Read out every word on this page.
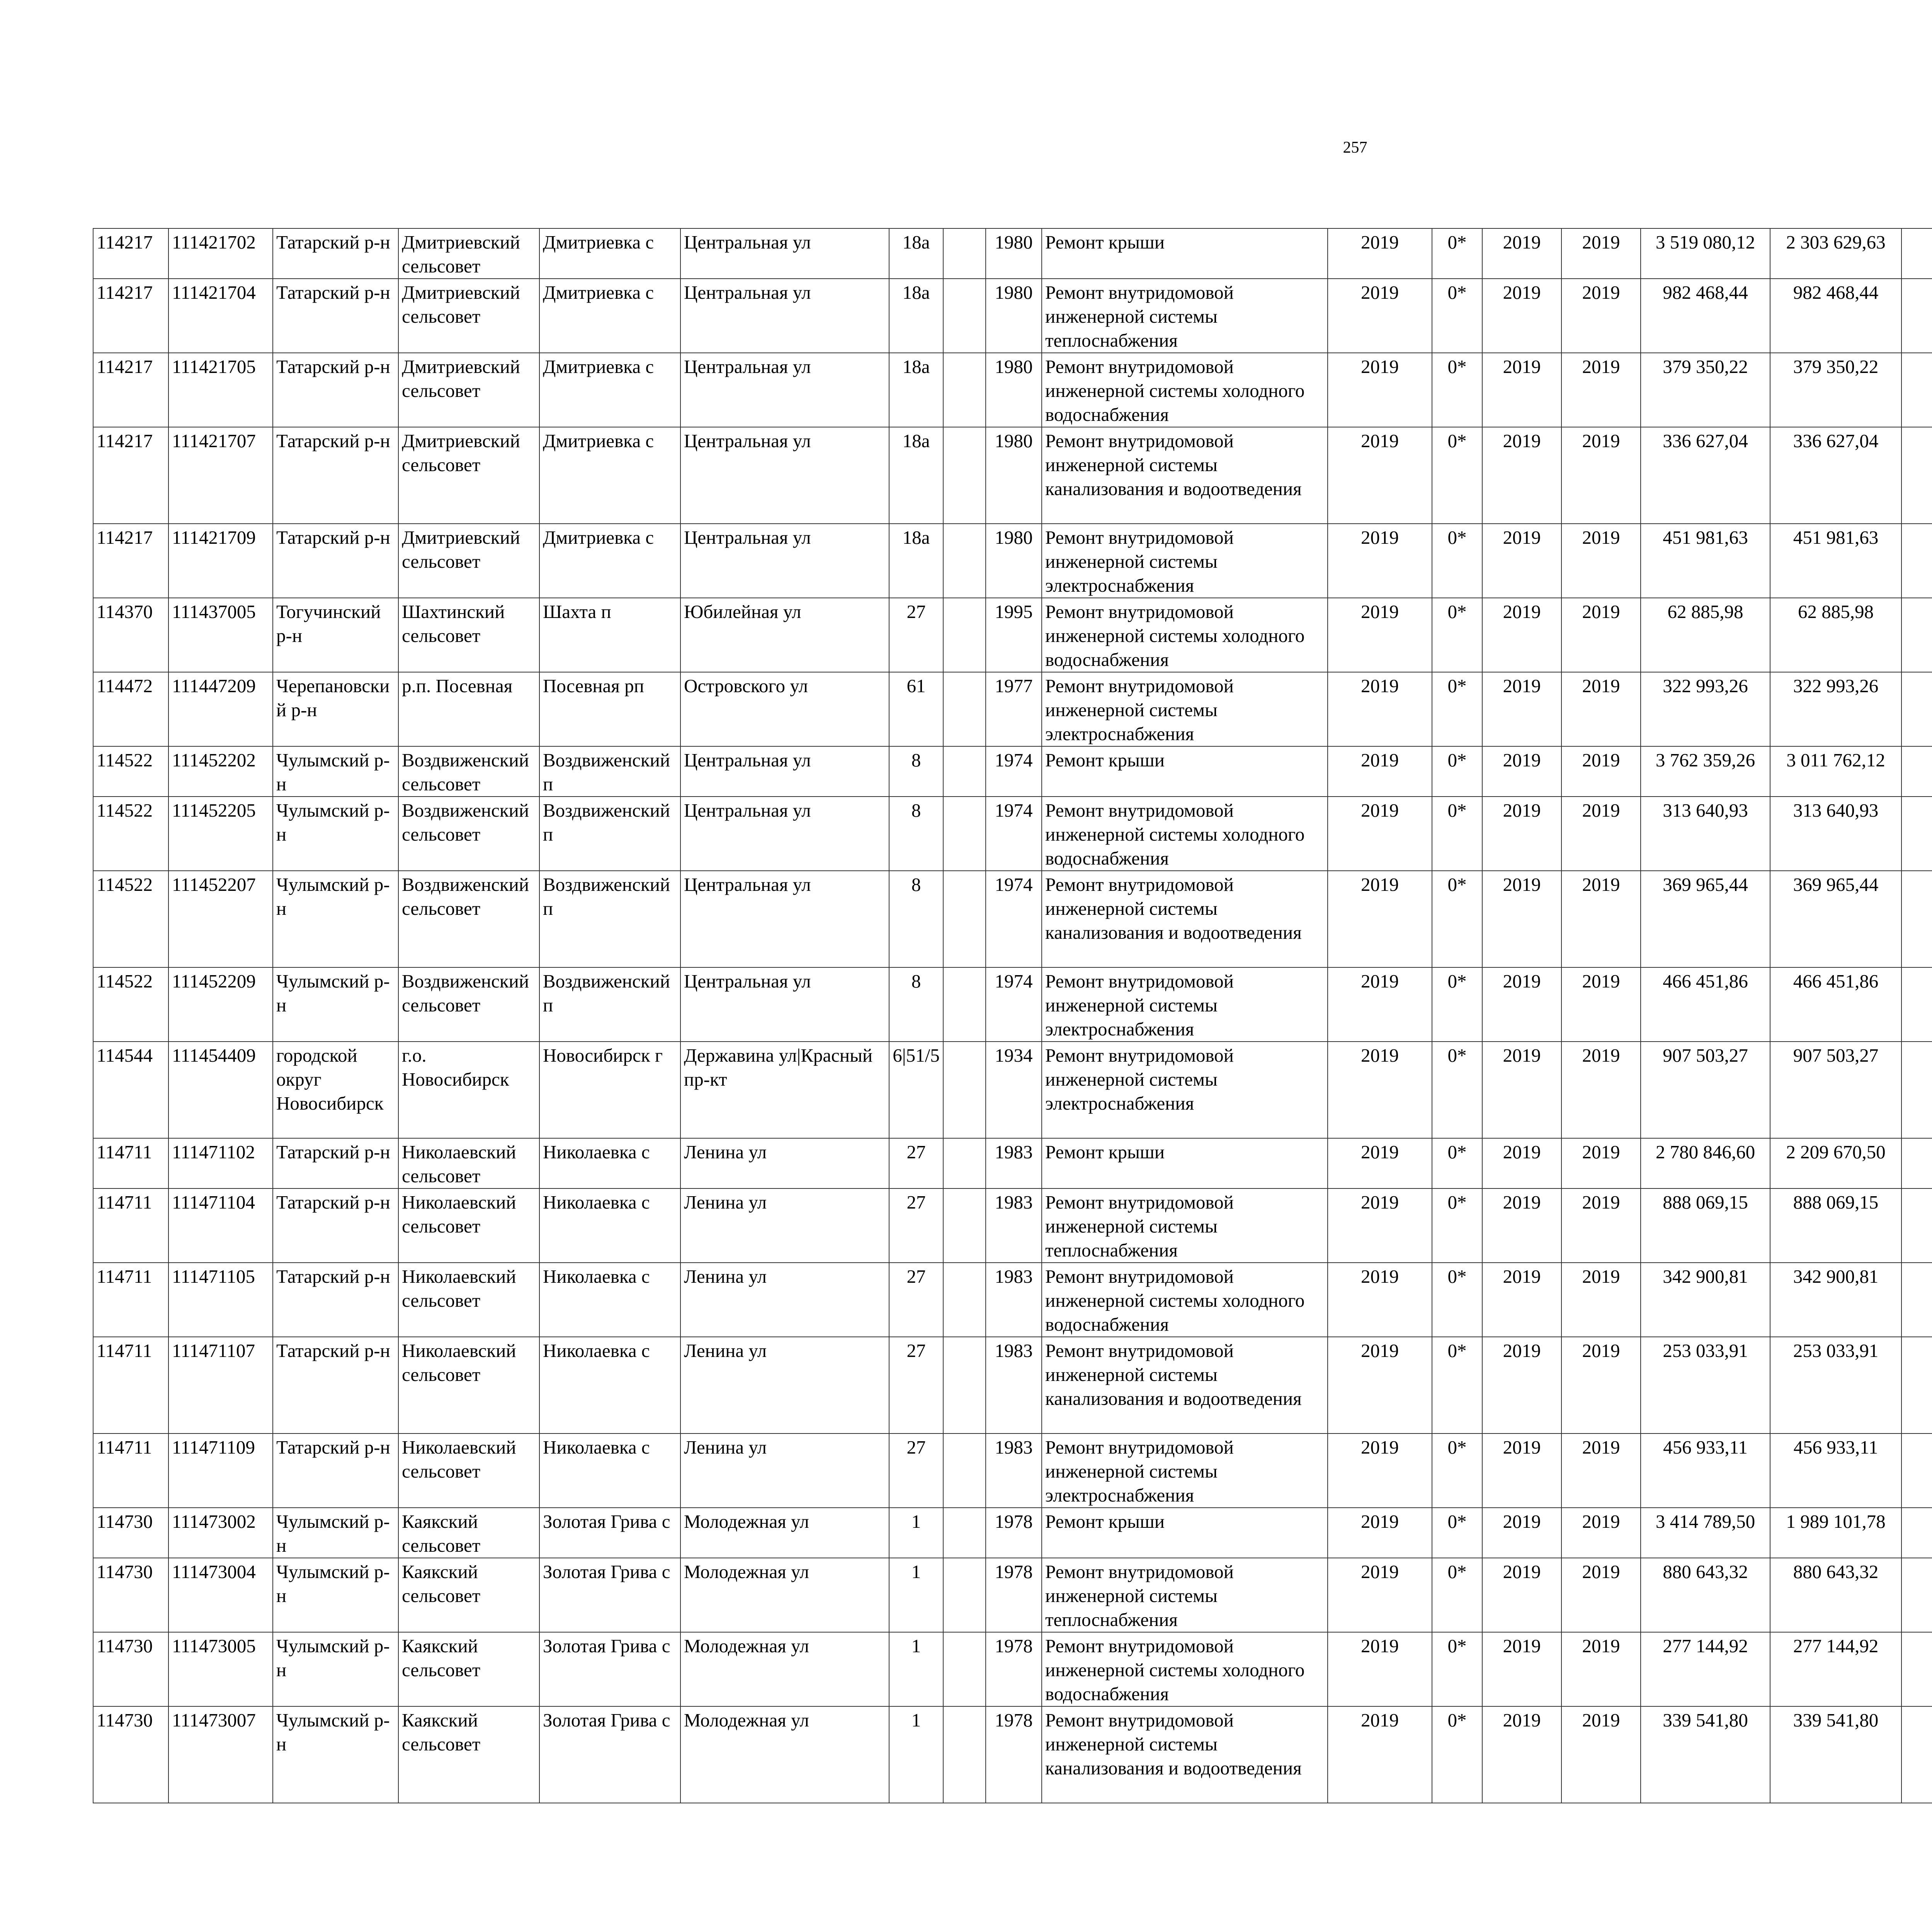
257
114217	111421702	Татарский р-н	Дмитриевский сельсовет	Дмитриевка с	Центральная ул	18а		1980	Ремонт крыши	2019	0*	2019	2019	3 519 080,12	2 303 629,63							
114217	111421704	Татарский р-н	Дмитриевский сельсовет	Дмитриевка с	Центральная ул	18а		1980	Ремонт внутридомовой инженерной системы теплоснабжения	2019	0*	2019	2019	982 468,44	982 468,44							
114217	111421705	Татарский р-н	Дмитриевский сельсовет	Дмитриевка с	Центральная ул	18а		1980	Ремонт внутридомовой инженерной системы холодного водоснабжения	2019	0*	2019	2019	379 350,22	379 350,22							
114217	111421707	Татарский р-н	Дмитриевский сельсовет	Дмитриевка с	Центральная ул	18а		1980	Ремонт внутридомовой инженерной системы канализования и водоотведения	2019	0*	2019	2019	336 627,04	336 627,04							
114217	111421709	Татарский р-н	Дмитриевский сельсовет	Дмитриевка с	Центральная ул	18а		1980	Ремонт внутридомовой инженерной системы электроснабжения	2019	0*	2019	2019	451 981,63	451 981,63							
114370	111437005	Тогучинский р-н	Шахтинский сельсовет	Шахта п	Юбилейная ул	27		1995	Ремонт внутридомовой инженерной системы холодного водоснабжения	2019	0*	2019	2019	62 885,98	62 885,98							
114472	111447209	Черепановский р-н	р.п. Посевная	Посевная рп	Островского ул	61		1977	Ремонт внутридомовой инженерной системы электроснабжения	2019	0*	2019	2019	322 993,26	322 993,26							
114522	111452202	Чулымский р-н	Воздвиженский сельсовет	Воздвиженский п	Центральная ул	8		1974	Ремонт крыши	2019	0*	2019	2019	3 762 359,26	3 011 762,12							
114522	111452205	Чулымский р-н	Воздвиженский сельсовет	Воздвиженский п	Центральная ул	8		1974	Ремонт внутридомовой инженерной системы холодного водоснабжения	2019	0*	2019	2019	313 640,93	313 640,93							
114522	111452207	Чулымский р-н	Воздвиженский сельсовет	Воздвиженский п	Центральная ул	8		1974	Ремонт внутридомовой инженерной системы канализования и водоотведения	2019	0*	2019	2019	369 965,44	369 965,44							
114522	111452209	Чулымский р-н	Воздвиженский сельсовет	Воздвиженский п	Центральная ул	8		1974	Ремонт внутридомовой инженерной системы электроснабжения	2019	0*	2019	2019	466 451,86	466 451,86							
114544	111454409	городской округ Новосибирск	г.о. Новосибирск	Новосибирск г	Державина ул|Красный пр-кт	6|51/5		1934	Ремонт внутридомовой инженерной системы электроснабжения	2019	0*	2019	2019	907 503,27	907 503,27							
114711	111471102	Татарский р-н	Николаевский сельсовет	Николаевка с	Ленина ул	27		1983	Ремонт крыши	2019	0*	2019	2019	2 780 846,60	2 209 670,50							
114711	111471104	Татарский р-н	Николаевский сельсовет	Николаевка с	Ленина ул	27		1983	Ремонт внутридомовой инженерной системы теплоснабжения	2019	0*	2019	2019	888 069,15	888 069,15							
114711	111471105	Татарский р-н	Николаевский сельсовет	Николаевка с	Ленина ул	27		1983	Ремонт внутридомовой инженерной системы холодного водоснабжения	2019	0*	2019	2019	342 900,81	342 900,81							
114711	111471107	Татарский р-н	Николаевский сельсовет	Николаевка с	Ленина ул	27		1983	Ремонт внутридомовой инженерной системы канализования и водоотведения	2019	0*	2019	2019	253 033,91	253 033,91							
114711	111471109	Татарский р-н	Николаевский сельсовет	Николаевка с	Ленина ул	27		1983	Ремонт внутридомовой инженерной системы электроснабжения	2019	0*	2019	2019	456 933,11	456 933,11							
114730	111473002	Чулымский р-н	Каякский сельсовет	Золотая Грива с	Молодежная ул	1		1978	Ремонт крыши	2019	0*	2019	2019	3 414 789,50	1 989 101,78							
114730	111473004	Чулымский р-н	Каякский сельсовет	Золотая Грива с	Молодежная ул	1		1978	Ремонт внутридомовой инженерной системы теплоснабжения	2019	0*	2019	2019	880 643,32	880 643,32							
114730	111473005	Чулымский р-н	Каякский сельсовет	Золотая Грива с	Молодежная ул	1		1978	Ремонт внутридомовой инженерной системы холодного водоснабжения	2019	0*	2019	2019	277 144,92	277 144,92							
114730	111473007	Чулымский р-н	Каякский сельсовет	Золотая Грива с	Молодежная ул	1		1978	Ремонт внутридомовой инженерной системы канализования и водоотведения	2019	0*	2019	2019	339 541,80	339 541,80							
